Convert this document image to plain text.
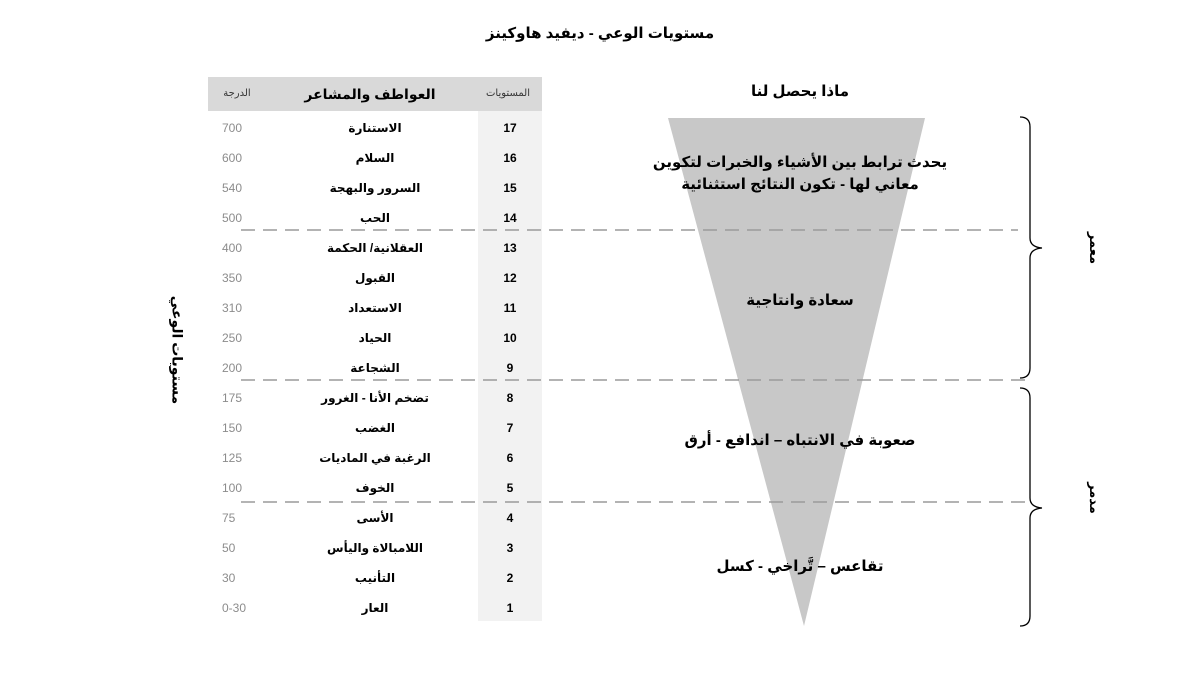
مستويات الوعي - ديفيد هاوكينز
مستويات الوعي
الدرجة	العواطف والمشاعر	المستويات	ماذا يحصل لنا
700	الاستنارة	17
600	السلام	16
540	السرور والبهجة	15
500	الحب	14
400	العقلانية/ الحكمة	13
350	القبول	12
310	الاستعداد	11
250	الحياد	10
200	الشجاعة	9
175	تضخم الأنا - الغرور	8
150	الغضب	7
125	الرغبة في الماديات	6
100	الخوف	5
75	الأسى	4
50	اللامبالاة واليأس	3
30	التأنيب	2
0-30	العار	1
يحدث ترابط بين الأشياء والخبرات لتكوين
معاني لها - تكون النتائج استثنائية
سعادة وانتاجية
صعوبة في الانتباه – اندافع - أرق
تقاعس – تَّراخي - كسل
معمر
مدمر
